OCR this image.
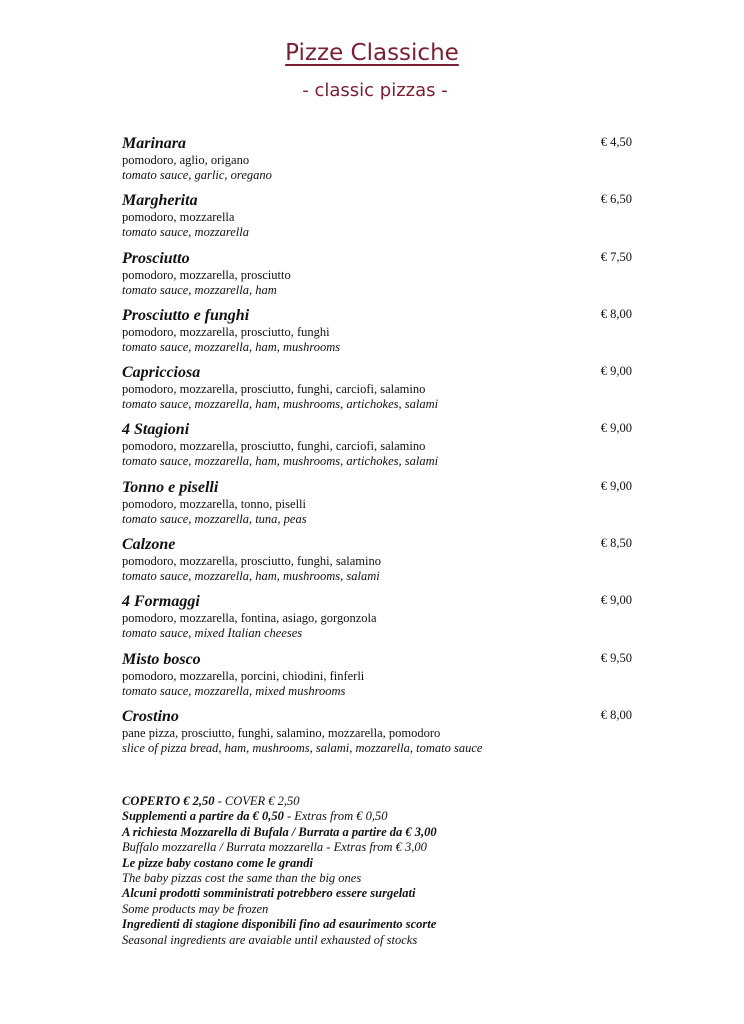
Pizze Classiche
- classic pizzas -
Marinara
pomodoro, aglio, origano
tomato sauce, garlic, oregano
€ 4,50
Margherita
pomodoro, mozzarella
tomato sauce, mozzarella
€ 6,50
Prosciutto
pomodoro, mozzarella, prosciutto
tomato sauce, mozzarella, ham
€ 7,50
Prosciutto e funghi
pomodoro, mozzarella, prosciutto, funghi
tomato sauce, mozzarella, ham, mushrooms
€ 8,00
Capricciosa
pomodoro, mozzarella, prosciutto, funghi, carciofi, salamino
tomato sauce, mozzarella, ham, mushrooms, artichokes, salami
€ 9,00
4 Stagioni
pomodoro, mozzarella, prosciutto, funghi, carciofi, salamino
tomato sauce, mozzarella, ham, mushrooms, artichokes, salami
€ 9,00
Tonno e piselli
pomodoro, mozzarella, tonno, piselli
tomato sauce, mozzarella, tuna, peas
€ 9,00
Calzone
pomodoro, mozzarella, prosciutto, funghi, salamino
tomato sauce, mozzarella, ham, mushrooms, salami
€ 8,50
4 Formaggi
pomodoro, mozzarella, fontina, asiago, gorgonzola
tomato sauce, mixed Italian cheeses
€ 9,00
Misto bosco
pomodoro, mozzarella, porcini, chiodini, finferli
tomato sauce, mozzarella, mixed mushrooms
€ 9,50
Crostino
pane pizza, prosciutto, funghi, salamino, mozzarella, pomodoro
slice of pizza bread, ham, mushrooms, salami, mozzarella, tomato sauce
€ 8,00
COPERTO € 2,50 - COVER € 2,50
Supplementi a partire da € 0,50 - Extras from € 0,50
A richiesta Mozzarella di Bufala / Burrata a partire da € 3,00
Buffalo mozzarella / Burrata mozzarella - Extras from € 3,00
Le pizze baby costano come le grandi
The baby pizzas cost the same than the big ones
Alcuni prodotti somministrati potrebbero essere surgelati
Some products may be frozen
Ingredienti di stagione disponibili fino ad esaurimento scorte
Seasonal ingredients are avaiable until exhausted of stocks
